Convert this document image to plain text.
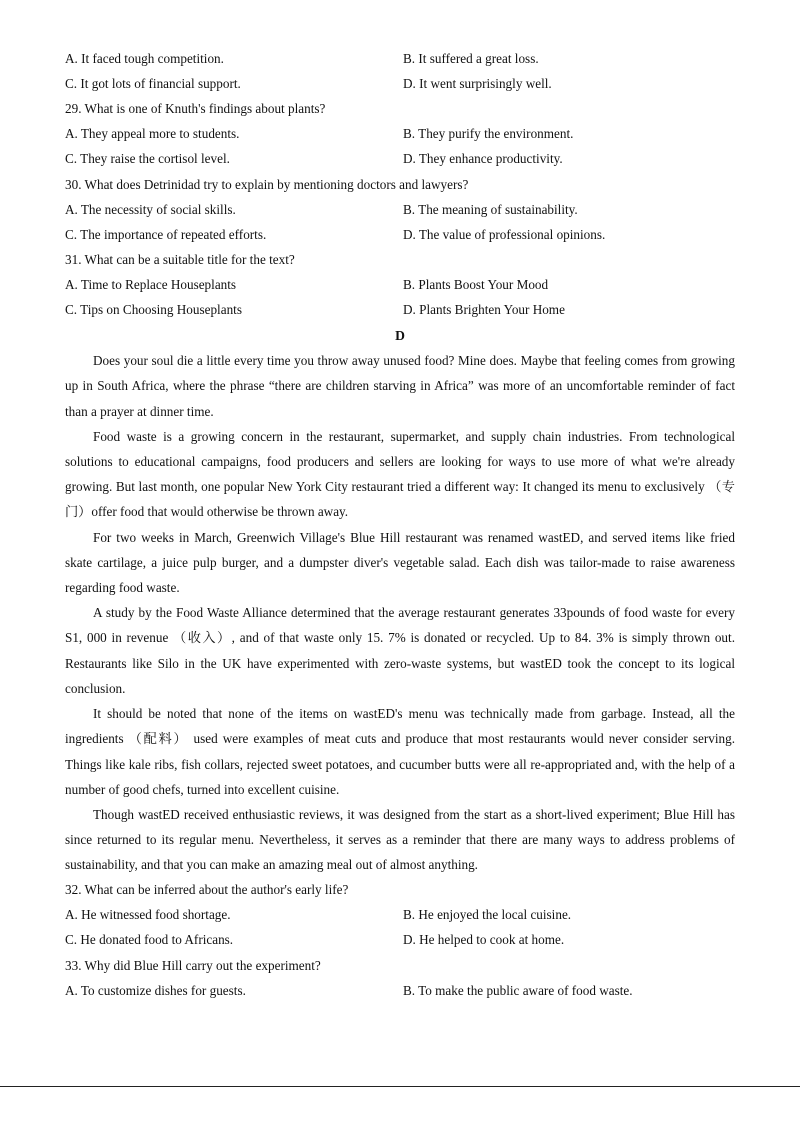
A. It faced tough competition.	B. It suffered a great loss.
C. It got lots of financial support.	D. It went surprisingly well.
29. What is one of Knuth's findings about plants?
A. They appeal more to students.	B. They purify the environment.
C. They raise the cortisol level.	D. They enhance productivity.
30. What does Detrinidad try to explain by mentioning doctors and lawyers?
A. The necessity of social skills.	B. The meaning of sustainability.
C. The importance of repeated efforts.	D. The value of professional opinions.
31. What can be a suitable title for the text?
A. Time to Replace Houseplants	B. Plants Boost Your Mood
C. Tips on Choosing Houseplants	D. Plants Brighten Your Home
D

Does your soul die a little every time you throw away unused food? Mine does. Maybe that feeling comes from growing up in South Africa, where the phrase “there are children starving in Africa” was more of an uncomfortable reminder of fact than a prayer at dinner time.

Food waste is a growing concern in the restaurant, supermarket, and supply chain industries. From technological solutions to educational campaigns, food producers and sellers are looking for ways to use more of what we're already growing. But last month, one popular New York City restaurant tried a different way: It changed its menu to exclusively （专门）offer food that would otherwise be thrown away.

For two weeks in March, Greenwich Village's Blue Hill restaurant was renamed wastED, and served items like fried skate cartilage, a juice pulp burger, and a dumpster diver's vegetable salad. Each dish was tailor-made to raise awareness regarding food waste.

A study by the Food Waste Alliance determined that the average restaurant generates 33pounds of food waste for every S1, 000 in revenue （收入）, and of that waste only 15. 7% is donated or recycled. Up to 84. 3% is simply thrown out. Restaurants like Silo in the UK have experimented with zero-waste systems, but wastED took the concept to its logical conclusion.

It should be noted that none of the items on wastED's menu was technically made from garbage. Instead, all the ingredients （配料） used were examples of meat cuts and produce that most restaurants would never consider serving. Things like kale ribs, fish collars, rejected sweet potatoes, and cucumber butts were all re-appropriated and, with the help of a number of good chefs, turned into excellent cuisine.

Though wastED received enthusiastic reviews, it was designed from the start as a short-lived experiment; Blue Hill has since returned to its regular menu. Nevertheless, it serves as a reminder that there are many ways to address problems of sustainability, and that you can make an amazing meal out of almost anything.

32. What can be inferred about the author's early life?
A. He witnessed food shortage.	B. He enjoyed the local cuisine.
C. He donated food to Africans.	D. He helped to cook at home.
33. Why did Blue Hill carry out the experiment?
A. To customize dishes for guests.	B. To make the public aware of food waste.
